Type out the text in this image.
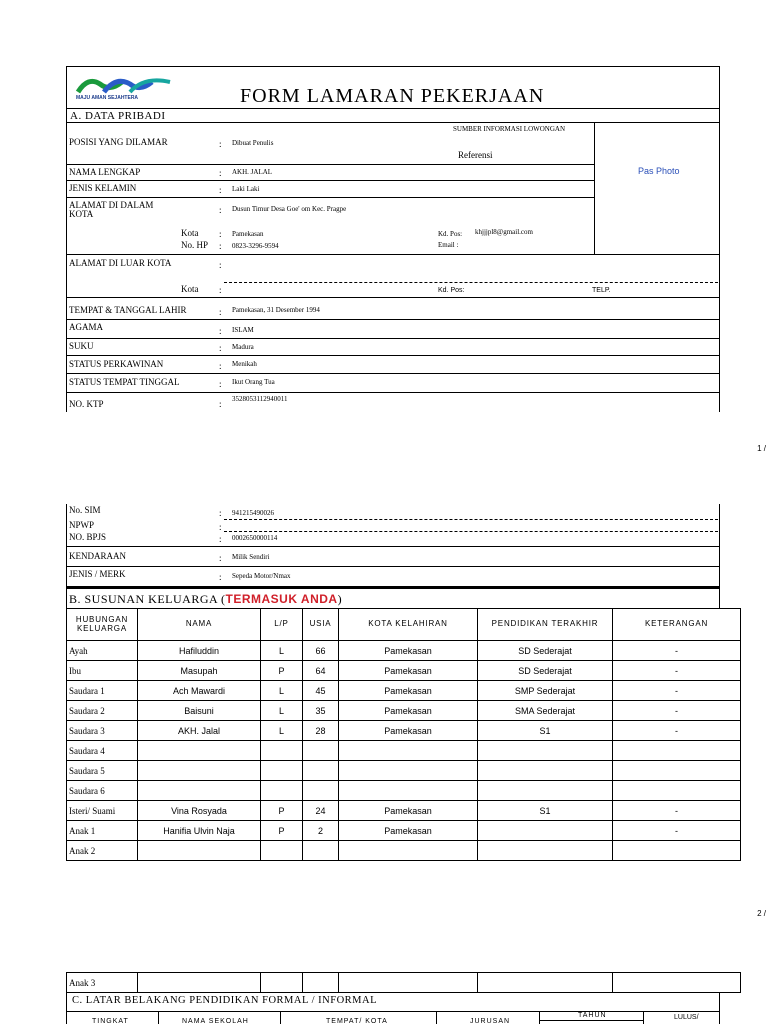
MAJU AMAN SEJAHTERA	FORM LAMARAN PEKERJAAN
A. DATA PRIBADI
Pas Photo
POSISI YANG DILAMAR	: Dibuat Penulis
SUMBER INFORMASI LOWONGAN
Referensi
NAMA LENGKAP	: AKH. JALAL
JENIS KELAMIN	: Laki Laki
ALAMAT DI DALAM KOTA	: Dusun Timur Desa Goe' om Kec. Pragpe
Kota : Pamekasan	Kd. Pos: khjjjpl8@gmail.com
No. HP : 0823-3296-9594	Email :
ALAMAT DI LUAR KOTA	:
Kota :	Kd. Pos:	TELP.
TEMPAT & TANGGAL LAHIR	: Pamekasan, 31 Desember 1994
AGAMA	: ISLAM
SUKU	: Madura
STATUS PERKAWINAN	: Menikah
STATUS TEMPAT TINGGAL	: Ikut Orang Tua
NO. KTP	: 3528053112940011
1 /
No. SIM	: 941215490026
NPWP	:
NO. BPJS	: 0002650000114
KENDARAAN	: Milik Sendiri
JENIS / MERK	: Sepeda Motor/Nmax
B. SUSUNAN KELUARGA (TERMASUK ANDA)
HUBUNGAN KELUARGA	NAMA	L/P	USIA	KOTA KELAHIRAN	PENDIDIKAN TERAKHIR	KETERANGAN
Ayah	Hafiluddin	L	66	Pamekasan	SD Sederajat	-
Ibu	Masupah	P	64	Pamekasan	SD Sederajat	-
Saudara 1	Ach Mawardi	L	45	Pamekasan	SMP Sederajat	-
Saudara 2	Baisuni	L	35	Pamekasan	SMA Sederajat	-
Saudara 3	AKH. Jalal	L	28	Pamekasan	S1	-
Saudara 4						
Saudara 5						
Saudara 6						
Isteri/ Suami	Vina Rosyada	P	24	Pamekasan	S1	-
Anak 1	Hanifia Ulvin Naja	P	2	Pamekasan		-
Anak 2						
2 /
Anak 3						
C. LATAR BELAKANG PENDIDIKAN FORMAL / INFORMAL
TINGKAT	NAMA SEKOLAH	TEMPAT/ KOTA	JURUSAN
TAHUN	LULUS/
